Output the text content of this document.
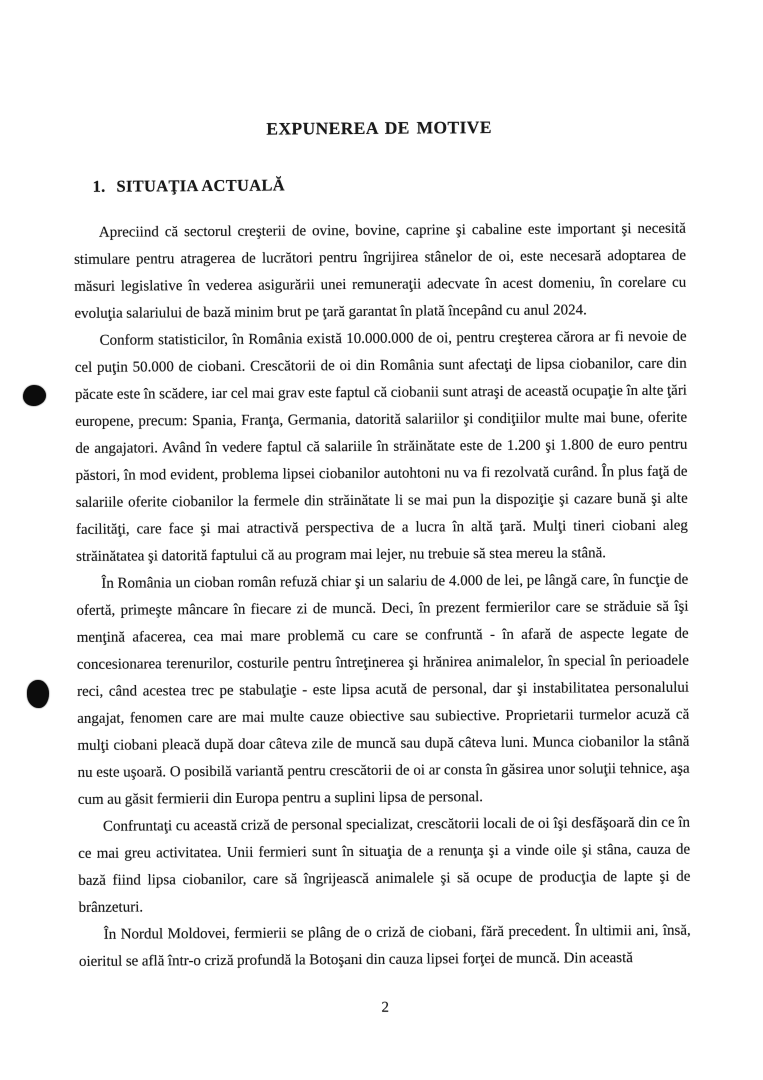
EXPUNEREA DE MOTIVE
1. SITUAŢIA ACTUALĂ

Apreciind că sectorul creşterii de ovine, bovine, caprine şi cabaline este important şi necesită stimulare pentru atragerea de lucrători pentru îngrijirea stânelor de oi, este necesară adoptarea de măsuri legislative în vederea asigurării unei remuneraţii adecvate în acest domeniu, în corelare cu evoluţia salariului de bază minim brut pe ţară garantat în plată începând cu anul 2024.

Conform statisticilor, în România există 10.000.000 de oi, pentru creşterea cărora ar fi nevoie de cel puţin 50.000 de ciobani. Crescătorii de oi din România sunt afectaţi de lipsa ciobanilor, care din păcate este în scădere, iar cel mai grav este faptul că ciobanii sunt atraşi de această ocupaţie în alte ţări europene, precum: Spania, Franţa, Germania, datorită salariilor şi condiţiilor multe mai bune, oferite de angajatori. Având în vedere faptul că salariile în străinătate este de 1.200 şi 1.800 de euro pentru păstori, în mod evident, problema lipsei ciobanilor autohtoni nu va fi rezolvată curând. În plus faţă de salariile oferite ciobanilor la fermele din străinătate li se mai pun la dispoziţie şi cazare bună şi alte facilităţi, care face şi mai atractivă perspectiva de a lucra în altă ţară. Mulţi tineri ciobani aleg străinătatea şi datorită faptului că au program mai lejer, nu trebuie să stea mereu la stână.

În România un cioban român refuză chiar şi un salariu de 4.000 de lei, pe lângă care, în funcţie de ofertă, primeşte mâncare în fiecare zi de muncă. Deci, în prezent fermierilor care se străduie să îşi menţină afacerea, cea mai mare problemă cu care se confruntă - în afară de aspecte legate de concesionarea terenurilor, costurile pentru întreţinerea şi hrănirea animalelor, în special în perioadele reci, când acestea trec pe stabulaţie - este lipsa acută de personal, dar şi instabilitatea personalului angajat, fenomen care are mai multe cauze obiective sau subiective. Proprietarii turmelor acuză că mulţi ciobani pleacă după doar câteva zile de muncă sau după câteva luni. Munca ciobanilor la stână nu este uşoară. O posibilă variantă pentru crescătorii de oi ar consta în găsirea unor soluţii tehnice, aşa cum au găsit fermierii din Europa pentru a suplini lipsa de personal.

Confruntaţi cu această criză de personal specializat, crescătorii locali de oi îşi desfăşoară din ce în ce mai greu activitatea. Unii fermieri sunt în situaţia de a renunţa şi a vinde oile şi stâna, cauza de bază fiind lipsa ciobanilor, care să îngrijească animalele şi să ocupe de producţia de lapte şi de brânzeturi.

În Nordul Moldovei, fermierii se plâng de o criză de ciobani, fără precedent. În ultimii ani, însă, oieritul se află într-o criză profundă la Botoşani din cauza lipsei forţei de muncă. Din această

2
